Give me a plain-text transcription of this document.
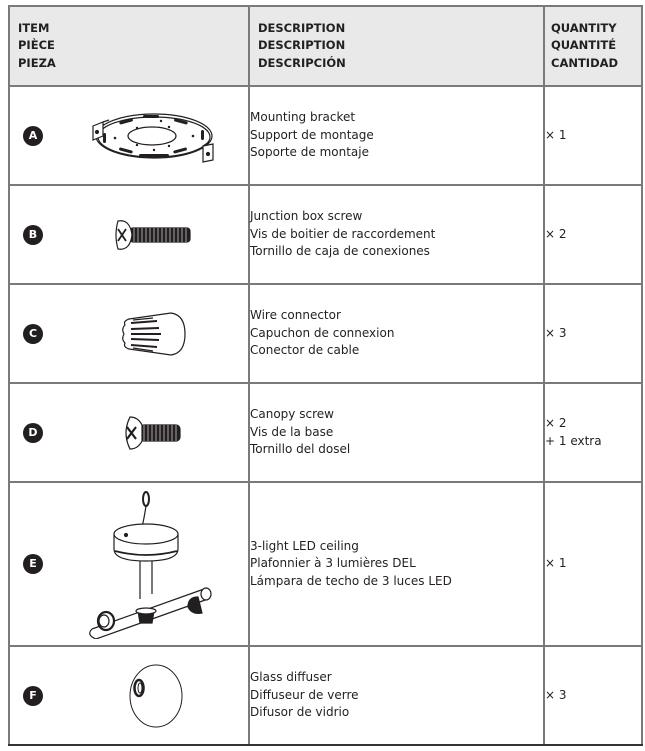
ITEM
PIÈCE
PIEZA	DESCRIPTION
DESCRIPTION
DESCRIPCIÓN	QUANTITY
QUANTITÉ
CANTIDAD

A	Mounting bracket
Support de montage
Soporte de montaje	× 1

B	Junction box screw
Vis de boitier de raccordement
Tornillo de caja de conexiones	× 2

C	Wire connector
Capuchon de connexion
Conector de cable	× 3

D	Canopy screw
Vis de la base
Tornillo del dosel	× 2
+ 1 extra

E	3-light LED ceiling
Plafonnier à 3 lumières DEL
Lámpara de techo de 3 luces LED	× 1

F	Glass diffuser
Diffuseur de verre
Difusor de vidrio	× 3
